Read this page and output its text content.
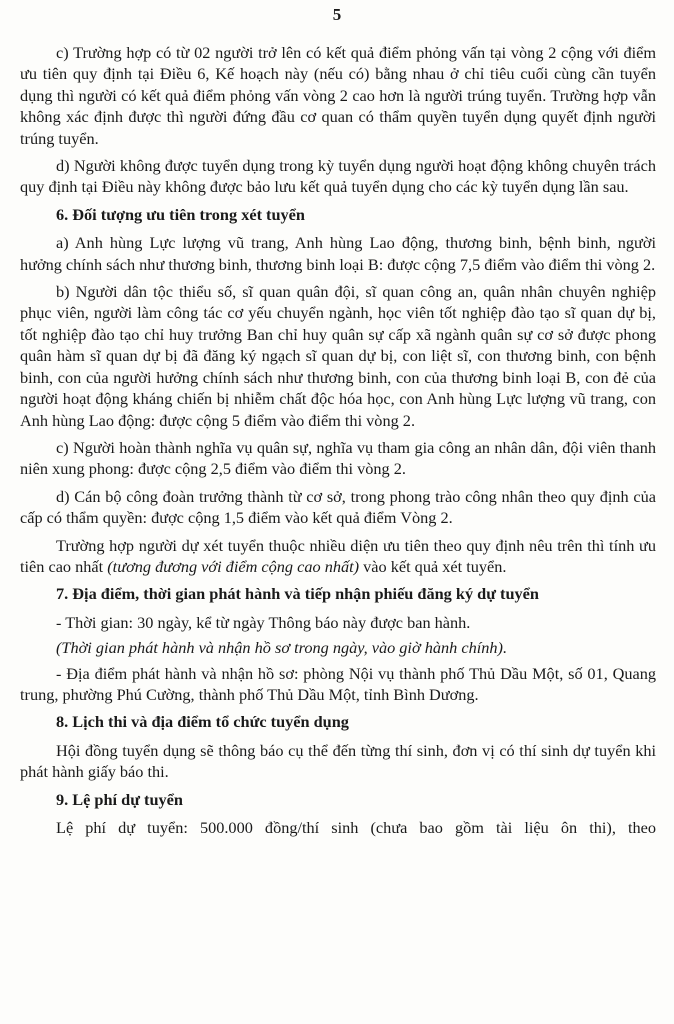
5

c) Trường hợp có từ 02 người trở lên có kết quả điểm phỏng vấn tại vòng 2 cộng với điểm ưu tiên quy định tại Điều 6, Kế hoạch này (nếu có) bằng nhau ở chỉ tiêu cuối cùng cần tuyển dụng thì người có kết quả điểm phỏng vấn vòng 2 cao hơn là người trúng tuyển. Trường hợp vẫn không xác định được thì người đứng đầu cơ quan có thẩm quyền tuyển dụng quyết định người trúng tuyển.

d) Người không được tuyển dụng trong kỳ tuyển dụng người hoạt động không chuyên trách quy định tại Điều này không được bảo lưu kết quả tuyển dụng cho các kỳ tuyển dụng lần sau.

6. Đối tượng ưu tiên trong xét tuyển

a) Anh hùng Lực lượng vũ trang, Anh hùng Lao động, thương binh, bệnh binh, người hưởng chính sách như thương binh, thương binh loại B: được cộng 7,5 điểm vào điểm thi vòng 2.

b) Người dân tộc thiểu số, sĩ quan quân đội, sĩ quan công an, quân nhân chuyên nghiệp phục viên, người làm công tác cơ yếu chuyển ngành, học viên tốt nghiệp đào tạo sĩ quan dự bị, tốt nghiệp đào tạo chỉ huy trưởng Ban chỉ huy quân sự cấp xã ngành quân sự cơ sở được phong quân hàm sĩ quan dự bị đã đăng ký ngạch sĩ quan dự bị, con liệt sĩ, con thương binh, con bệnh binh, con của người hưởng chính sách như thương binh, con của thương binh loại B, con đẻ của người hoạt động kháng chiến bị nhiễm chất độc hóa học, con Anh hùng Lực lượng vũ trang, con Anh hùng Lao động: được cộng 5 điểm vào điểm thi vòng 2.

c) Người hoàn thành nghĩa vụ quân sự, nghĩa vụ tham gia công an nhân dân, đội viên thanh niên xung phong: được cộng 2,5 điểm vào điểm thi vòng 2.

d) Cán bộ công đoàn trưởng thành từ cơ sở, trong phong trào công nhân theo quy định của cấp có thẩm quyền: được cộng 1,5 điểm vào kết quả điểm Vòng 2.

Trường hợp người dự xét tuyển thuộc nhiều diện ưu tiên theo quy định nêu trên thì tính ưu tiên cao nhất (tương đương với điểm cộng cao nhất) vào kết quả xét tuyển.

7. Địa điểm, thời gian phát hành và tiếp nhận phiếu đăng ký dự tuyển

- Thời gian: 30 ngày, kể từ ngày Thông báo này được ban hành.

(Thời gian phát hành và nhận hồ sơ trong ngày, vào giờ hành chính).

- Địa điểm phát hành và nhận hồ sơ: phòng Nội vụ thành phố Thủ Dầu Một, số 01, Quang trung, phường Phú Cường, thành phố Thủ Dầu Một, tỉnh Bình Dương.

8. Lịch thi và địa điểm tổ chức tuyển dụng

Hội đồng tuyển dụng sẽ thông báo cụ thể đến từng thí sinh, đơn vị có thí sinh dự tuyển khi phát hành giấy báo thi.

9. Lệ phí dự tuyển

Lệ phí dự tuyển: 500.000 đồng/thí sinh (chưa bao gồm tài liệu ôn thi), theo
